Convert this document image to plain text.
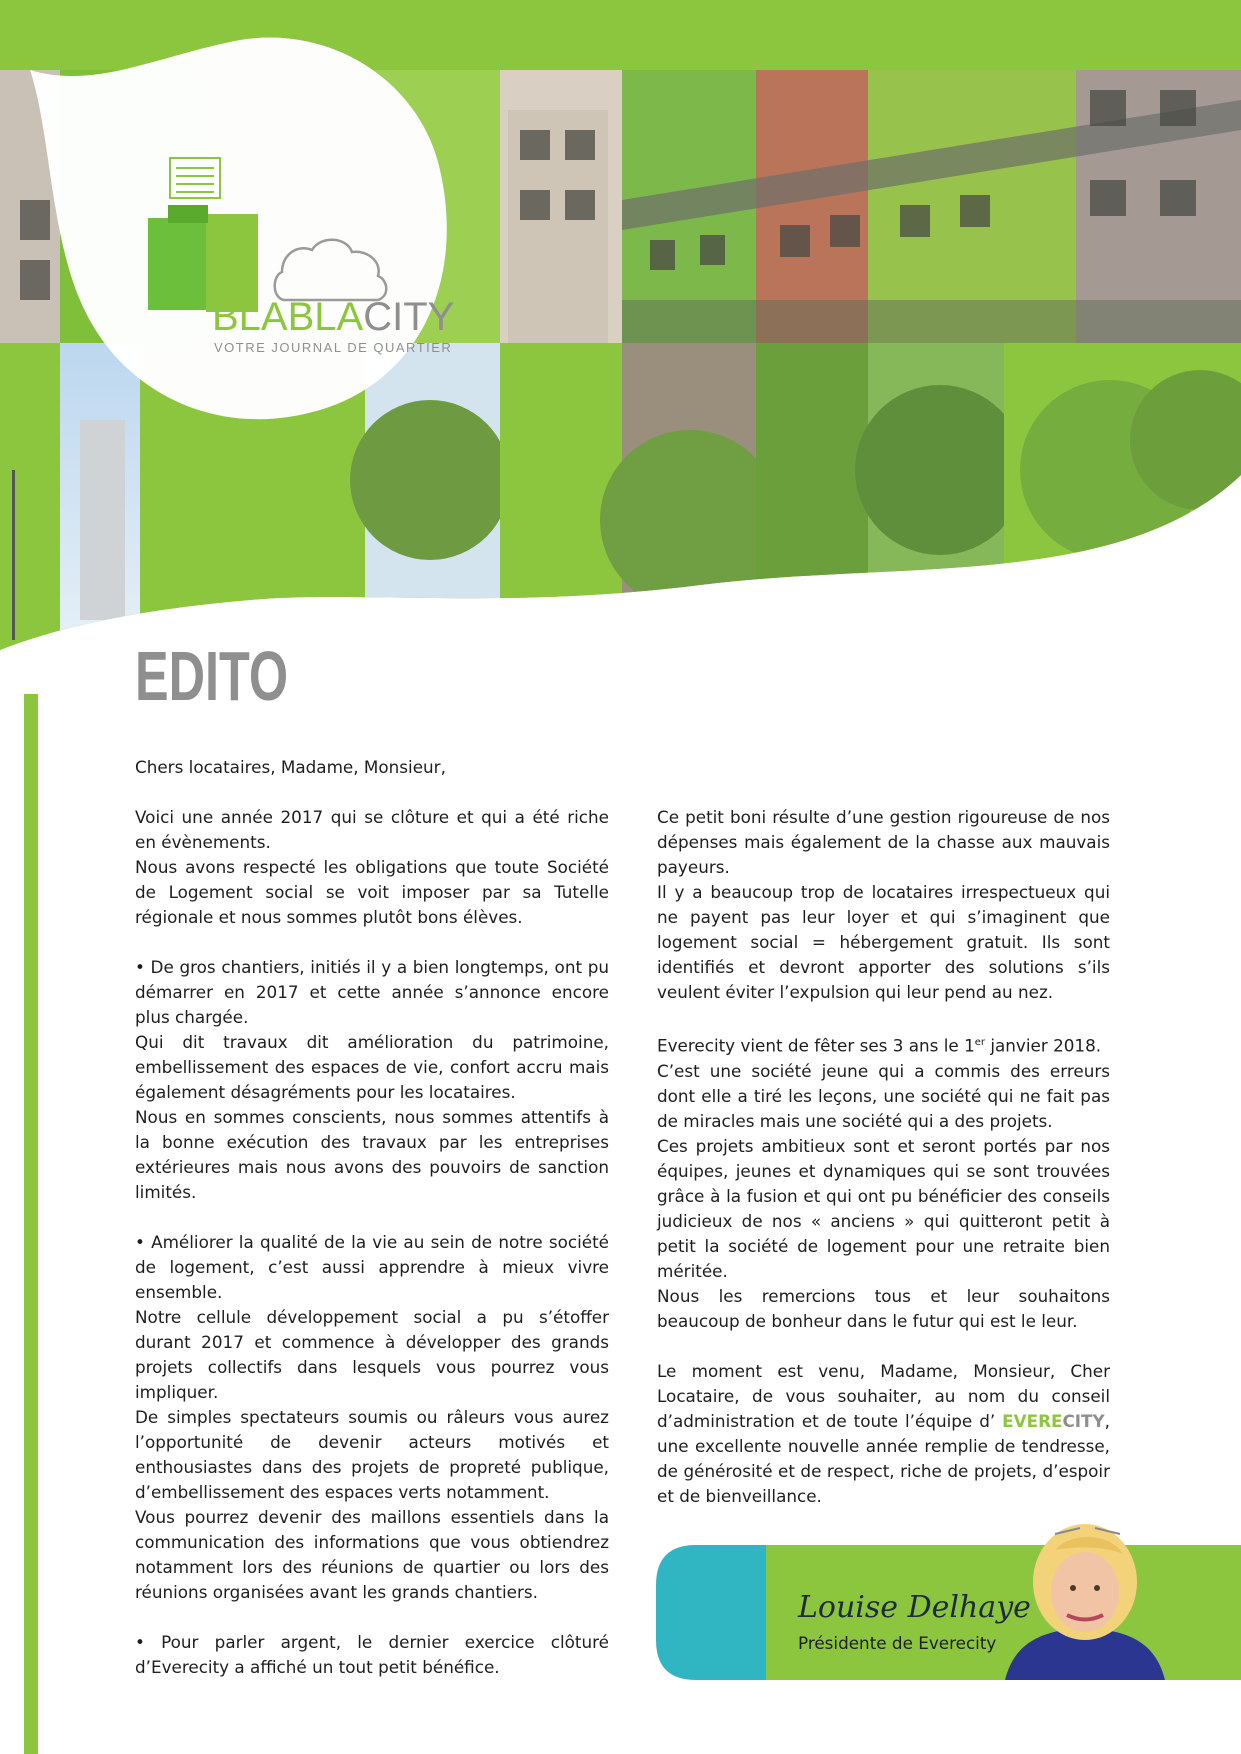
BLABLACITY
VOTRE JOURNAL DE QUARTIER
EDITO
Chers locataires, Madame, Monsieur,

Voici une année 2017 qui se clôture et qui a été riche en évènements.

Nous avons respecté les obligations que toute Société de Logement social se voit imposer par sa Tutelle régionale et nous sommes plutôt bons élèves.

• De gros chantiers, initiés il y a bien longtemps, ont pu démarrer en 2017 et cette année s’annonce encore plus chargée.

Qui dit travaux dit amélioration du patrimoine, embellissement des espaces de vie, confort accru mais également désagréments pour les locataires.

Nous en sommes conscients, nous sommes attentifs à la bonne exécution des travaux par les entreprises extérieures mais nous avons des pouvoirs de sanction limités.

• Améliorer la qualité de la vie au sein de notre société de logement, c’est aussi apprendre à mieux vivre ensemble.

Notre cellule développement social a pu s’étoffer durant 2017 et commence à développer des grands projets collectifs dans lesquels vous pourrez vous impliquer.

De simples spectateurs soumis ou râleurs vous aurez l’opportunité de devenir acteurs motivés et enthousiastes dans des projets de propreté publique, d’embellissement des espaces verts notamment.

Vous pourrez devenir des maillons essentiels dans la communication des informations que vous obtiendrez notamment lors des réunions de quartier ou lors des réunions organisées avant les grands chantiers.

• Pour parler argent, le dernier exercice clôturé d’Everecity a affiché un tout petit bénéfice.

Ce petit boni résulte d’une gestion rigoureuse de nos dépenses mais également de la chasse aux mauvais payeurs.

Il y a beaucoup trop de locataires irrespectueux qui ne payent pas leur loyer et qui s’imaginent que logement social = hébergement gratuit. Ils sont identifiés et devront apporter des solutions s’ils veulent éviter l’expulsion qui leur pend au nez.

Everecity vient de fêter ses 3 ans le 1er janvier 2018.

C’est une société jeune qui a commis des erreurs dont elle a tiré les leçons, une société qui ne fait pas de miracles mais une société qui a des projets.

Ces projets ambitieux sont et seront portés par nos équipes, jeunes et dynamiques qui se sont trouvées grâce à la fusion et qui ont pu bénéficier des conseils judicieux de nos « anciens » qui quitteront petit à petit la société de logement pour une retraite bien méritée.

Nous les remercions tous et leur souhaitons beaucoup de bonheur dans le futur qui est le leur.

Le moment est venu, Madame, Monsieur, Cher Locataire, de vous souhaiter, au nom du conseil d’administration et de toute l’équipe d’ EVERECITY, une excellente nouvelle année remplie de tendresse, de générosité et de respect, riche de projets, d’espoir et de bienveillance.

Louise Delhaye
Présidente de Everecity
